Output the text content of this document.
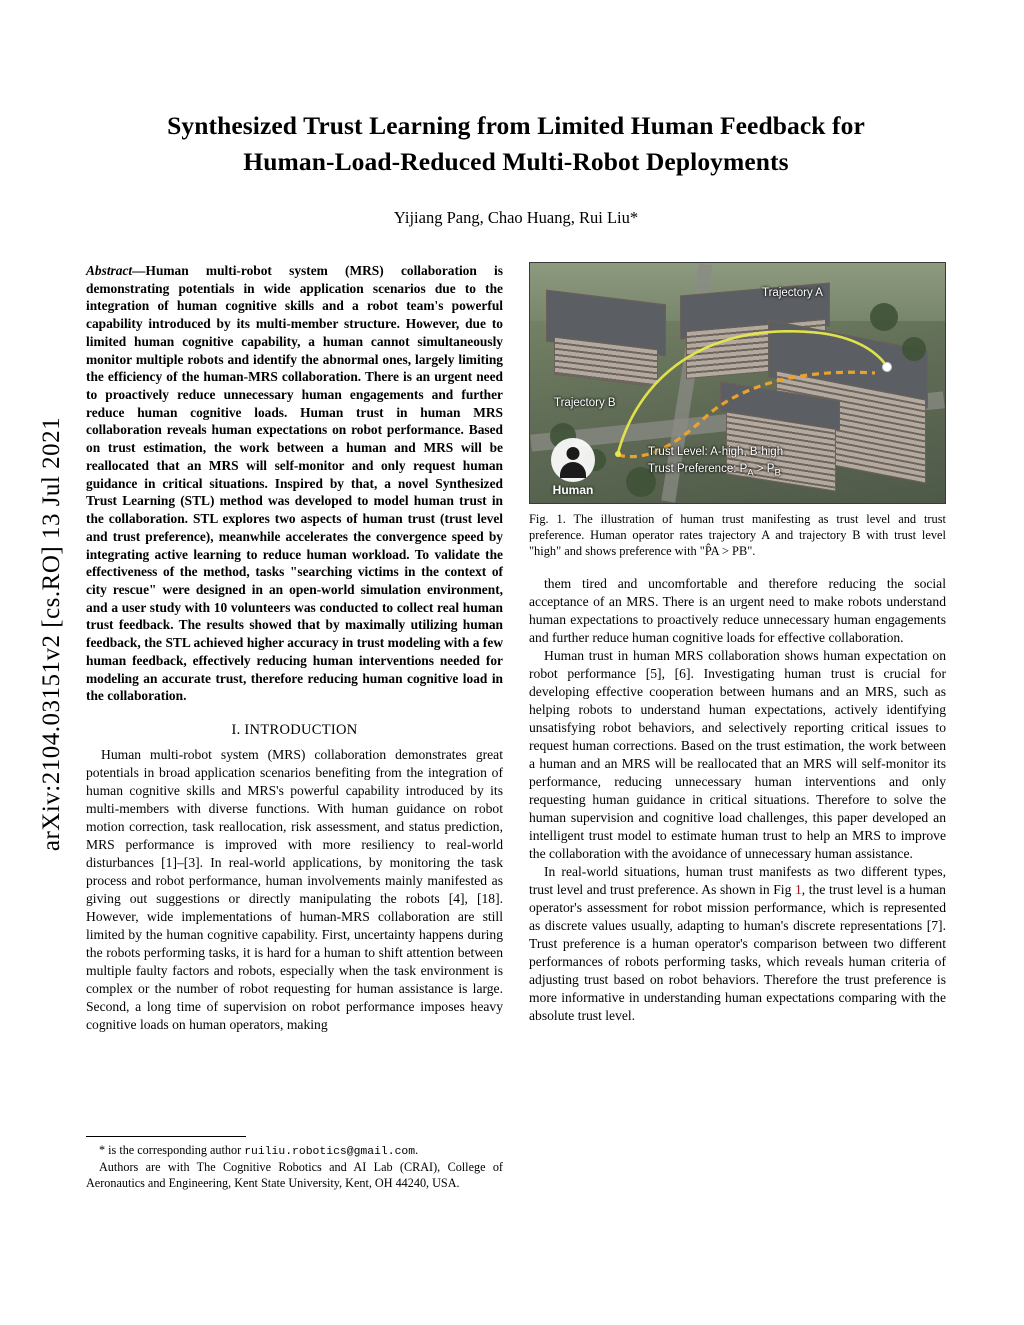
arXiv:2104.03151v2 [cs.RO] 13 Jul 2021
Synthesized Trust Learning from Limited Human Feedback for
Human-Load-Reduced Multi-Robot Deployments
Yijiang Pang, Chao Huang, Rui Liu*

Abstract—Human multi-robot system (MRS) collaboration is demonstrating potentials in wide application scenarios due to the integration of human cognitive skills and a robot team's powerful capability introduced by its multi-member structure. However, due to limited human cognitive capability, a human cannot simultaneously monitor multiple robots and identify the abnormal ones, largely limiting the efficiency of the human-MRS collaboration. There is an urgent need to proactively reduce unnecessary human engagements and further reduce human cognitive loads. Human trust in human MRS collaboration reveals human expectations on robot performance. Based on trust estimation, the work between a human and MRS will be reallocated that an MRS will self-monitor and only request human guidance in critical situations. Inspired by that, a novel Synthesized Trust Learning (STL) method was developed to model human trust in the collaboration. STL explores two aspects of human trust (trust level and trust preference), meanwhile accelerates the convergence speed by integrating active learning to reduce human workload. To validate the effectiveness of the method, tasks "searching victims in the context of city rescue" were designed in an open-world simulation environment, and a user study with 10 volunteers was conducted to collect real human trust feedback. The results showed that by maximally utilizing human feedback, the STL achieved higher accuracy in trust modeling with a few human feedback, effectively reducing human interventions needed for modeling an accurate trust, therefore reducing human cognitive load in the collaboration.

I. INTRODUCTION

Human multi-robot system (MRS) collaboration demonstrates great potentials in broad application scenarios benefiting from the integration of human cognitive skills and MRS's powerful capability introduced by its multi-members with diverse functions. With human guidance on robot motion correction, task reallocation, risk assessment, and status prediction, MRS performance is improved with more resiliency to real-world disturbances [1]–[3]. In real-world applications, by monitoring the task process and robot performance, human involvements mainly manifested as giving out suggestions or directly manipulating the robots [4], [18]. However, wide implementations of human-MRS collaboration are still limited by the human cognitive capability. First, uncertainty happens during the robots performing tasks, it is hard for a human to shift attention between multiple faulty factors and robots, especially when the task environment is complex or the number of robot requesting for human assistance is large. Second, a long time of supervision on robot performance imposes heavy cognitive loads on human operators, making

* is the corresponding author ruiliu.robotics@gmail.com.
Authors are with The Cognitive Robotics and AI Lab (CRAI), College of Aeronautics and Engineering, Kent State University, Kent, OH 44240, USA.
Trajectory A
Trajectory B
Trust Level: A-high, B-high
Trust Preference: $P_A > P_B$
Human
Fig. 1. The illustration of human trust manifesting as trust level and trust preference. Human operator rates trajectory A and trajectory B with trust level "high" and shows preference with "P̂A > PB".

them tired and uncomfortable and therefore reducing the social acceptance of an MRS. There is an urgent need to make robots understand human expectations to proactively reduce unnecessary human engagements and further reduce human cognitive loads for effective collaboration.

Human trust in human MRS collaboration shows human expectation on robot performance [5], [6]. Investigating human trust is crucial for developing effective cooperation between humans and an MRS, such as helping robots to understand human expectations, actively identifying unsatisfying robot behaviors, and selectively reporting critical issues to request human corrections. Based on the trust estimation, the work between a human and an MRS will be reallocated that an MRS will self-monitor its performance, reducing unnecessary human interventions and only requesting human guidance in critical situations. Therefore to solve the human supervision and cognitive load challenges, this paper developed an intelligent trust model to estimate human trust to help an MRS to improve the collaboration with the avoidance of unnecessary human assistance.

In real-world situations, human trust manifests as two different types, trust level and trust preference. As shown in Fig 1, the trust level is a human operator's assessment for robot mission performance, which is represented as discrete values usually, adapting to human's discrete representations [7]. Trust preference is a human operator's comparison between two different performances of robots performing tasks, which reveals human criteria of adjusting trust based on robot behaviors. Therefore the trust preference is more informative in understanding human expectations comparing with the absolute trust level.
